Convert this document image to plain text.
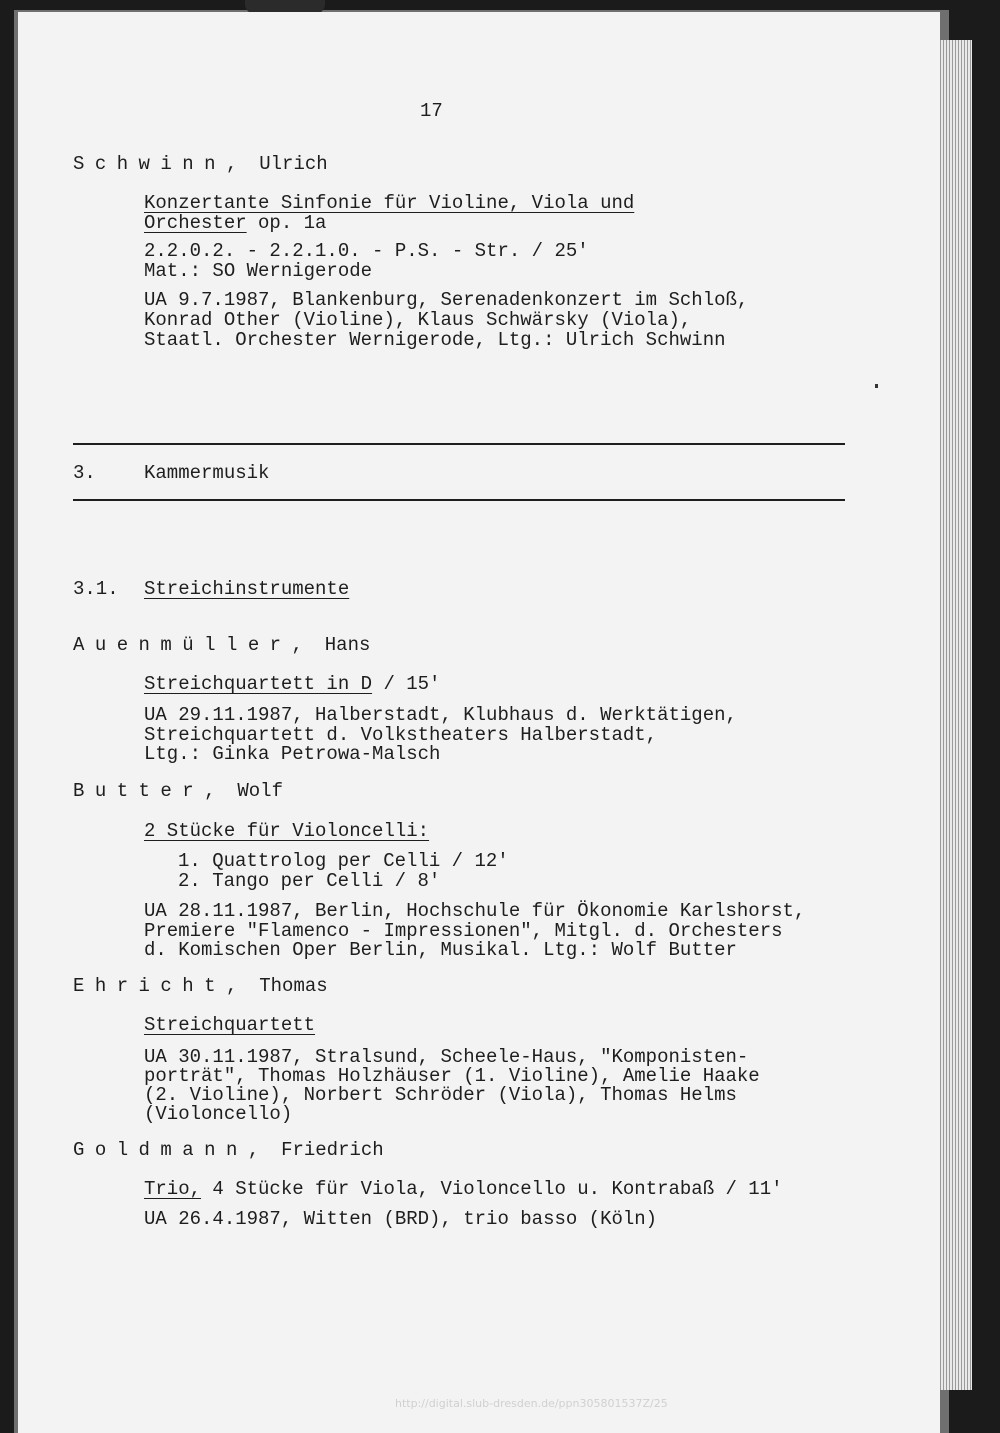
17
Schwinn, Ulrich
Konzertante Sinfonie für Violine, Viola und
Orchester op. 1a
2.2.0.2. - 2.2.1.0. - P.S. - Str. / 25'
Mat.: SO Wernigerode
UA 9.7.1987, Blankenburg, Serenadenkonzert im Schloß,
Konrad Other (Violine), Klaus Schwärsky (Viola),
Staatl. Orchester Wernigerode, Ltg.: Ulrich Schwinn
3.	Kammermusik
3.1. Streichinstrumente
Auenmüller, Hans
Streichquartett in D / 15'
UA 29.11.1987, Halberstadt, Klubhaus d. Werktätigen,
Streichquartett d. Volkstheaters Halberstadt,
Ltg.: Ginka Petrowa-Malsch
Butter, Wolf
2 Stücke für Violoncelli:
1. Quattrolog per Celli / 12'
2. Tango per Celli / 8'
UA 28.11.1987, Berlin, Hochschule für Ökonomie Karlshorst,
Premiere "Flamenco - Impressionen", Mitgl. d. Orchesters
d. Komischen Oper Berlin, Musikal. Ltg.: Wolf Butter
Ehricht, Thomas
Streichquartett
UA 30.11.1987, Stralsund, Scheele-Haus, "Komponisten-
porträt", Thomas Holzhäuser (1. Violine), Amelie Haake
(2. Violine), Norbert Schröder (Viola), Thomas Helms
(Violoncello)
Goldmann, Friedrich
Trio, 4 Stücke für Viola, Violoncello u. Kontrabaß / 11'
UA 26.4.1987, Witten (BRD), trio basso (Köln)
http://digital.slub-dresden.de/ppn305801537Z/25
